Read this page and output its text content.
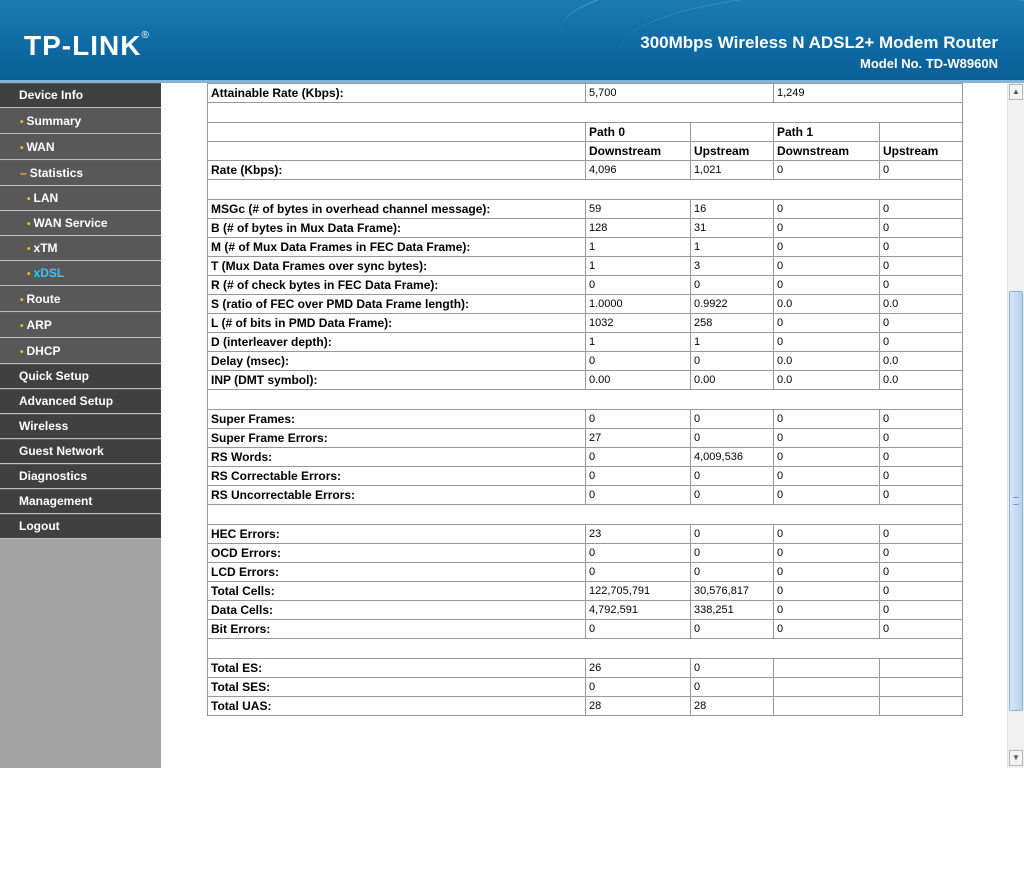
TP-LINK®	300Mbps Wireless N ADSL2+ Modem Router
Model No. TD-W8960N
Device Info
• Summary
• WAN
– Statistics
• LAN
• WAN Service
• xTM
• xDSL
• Route
• ARP
• DHCP
Quick Setup
Advanced Setup
Wireless
Guest Network
Diagnostics
Management
Logout
Attainable Rate (Kbps):	5,700		1,249	

	Path 0		Path 1	
	Downstream	Upstream	Downstream	Upstream
Rate (Kbps):	4,096	1,021	0	0

MSGc (# of bytes in overhead channel message):	59	16	0	0
B (# of bytes in Mux Data Frame):	128	31	0	0
M (# of Mux Data Frames in FEC Data Frame):	1	1	0	0
T (Mux Data Frames over sync bytes):	1	3	0	0
R (# of check bytes in FEC Data Frame):	0	0	0	0
S (ratio of FEC over PMD Data Frame length):	1.0000	0.9922	0.0	0.0
L (# of bits in PMD Data Frame):	1032	258	0	0
D (interleaver depth):	1	1	0	0
Delay (msec):	0	0	0.0	0.0
INP (DMT symbol):	0.00	0.00	0.0	0.0

Super Frames:	0	0	0	0
Super Frame Errors:	27	0	0	0
RS Words:	0	4,009,536	0	0
RS Correctable Errors:	0	0	0	0
RS Uncorrectable Errors:	0	0	0	0

HEC Errors:	23	0	0	0
OCD Errors:	0	0	0	0
LCD Errors:	0	0	0	0
Total Cells:	122,705,791	30,576,817	0	0
Data Cells:	4,792,591	338,251	0	0
Bit Errors:	0	0	0	0

Total ES:	26	0		
Total SES:	0	0		
Total UAS:	28	28		
▲
▼
